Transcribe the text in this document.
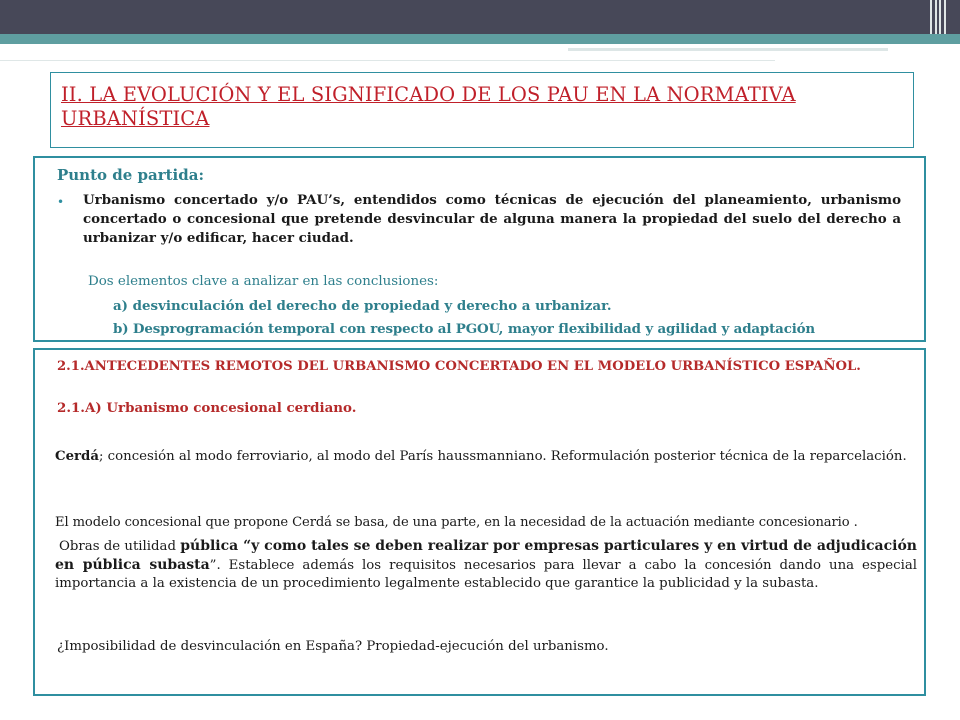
II. LA EVOLUCIÓN Y EL SIGNIFICADO DE LOS PAU EN LA NORMATIVA URBANÍSTICA
Punto de partida:
• Urbanismo concertado y/o PAU’s, entendidos como técnicas de ejecución del planeamiento, urbanismo concertado o concesional que pretende desvincular de alguna manera la propiedad del suelo del derecho a urbanizar y/o edificar, hacer ciudad.
Dos elementos clave a analizar en las conclusiones:
a) desvinculación del derecho de propiedad y derecho a urbanizar.
b) Desprogramación temporal con respecto al PGOU, mayor flexibilidad y agilidad y adaptación
2.1.ANTECEDENTES REMOTOS DEL URBANISMO CONCERTADO EN EL MODELO URBANÍSTICO ESPAÑOL.
2.1.A) Urbanismo concesional cerdiano.
Cerdá; concesión al modo ferroviario, al modo del París haussmanniano. Reformulación posterior técnica de la reparcelación.
El modelo concesional que propone Cerdá se basa, de una parte, en la necesidad de la actuación mediante concesionario .
Obras de utilidad pública “y como tales se deben realizar por empresas particulares y en virtud de adjudicación en pública subasta”. Establece además los requisitos necesarios para llevar a cabo la concesión dando una especial importancia a la existencia de un procedimiento legalmente establecido que garantice la publicidad y la subasta.
¿Imposibilidad de desvinculación en España? Propiedad-ejecución del urbanismo.
